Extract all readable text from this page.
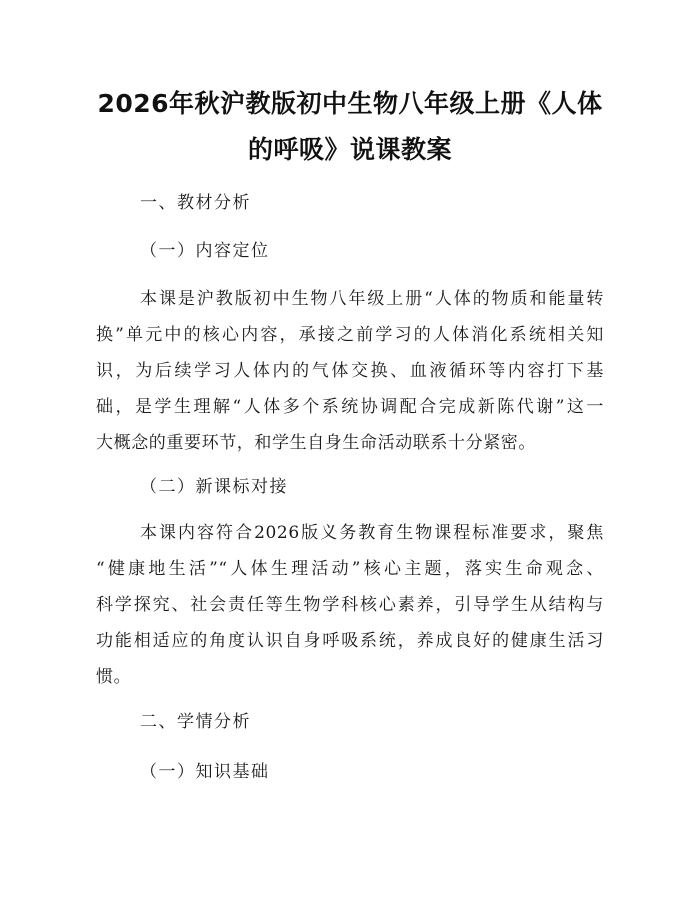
2026年秋沪教版初中生物八年级上册《人体
的呼吸》说课教案
一、教材分析
（一）内容定位
本课是沪教版初中生物八年级上册“人体的物质和能量转
换”单元中的核心内容，承接之前学习的人体消化系统相关知
识，为后续学习人体内的气体交换、血液循环等内容打下基
础，是学生理解“人体多个系统协调配合完成新陈代谢”这一
大概念的重要环节，和学生自身生命活动联系十分紧密。
（二）新课标对接
本课内容符合2026版义务教育生物课程标准要求，聚焦
“健康地生活”“人体生理活动”核心主题，落实生命观念、
科学探究、社会责任等生物学科核心素养，引导学生从结构与
功能相适应的角度认识自身呼吸系统，养成良好的健康生活习
惯。
二、学情分析
（一）知识基础
